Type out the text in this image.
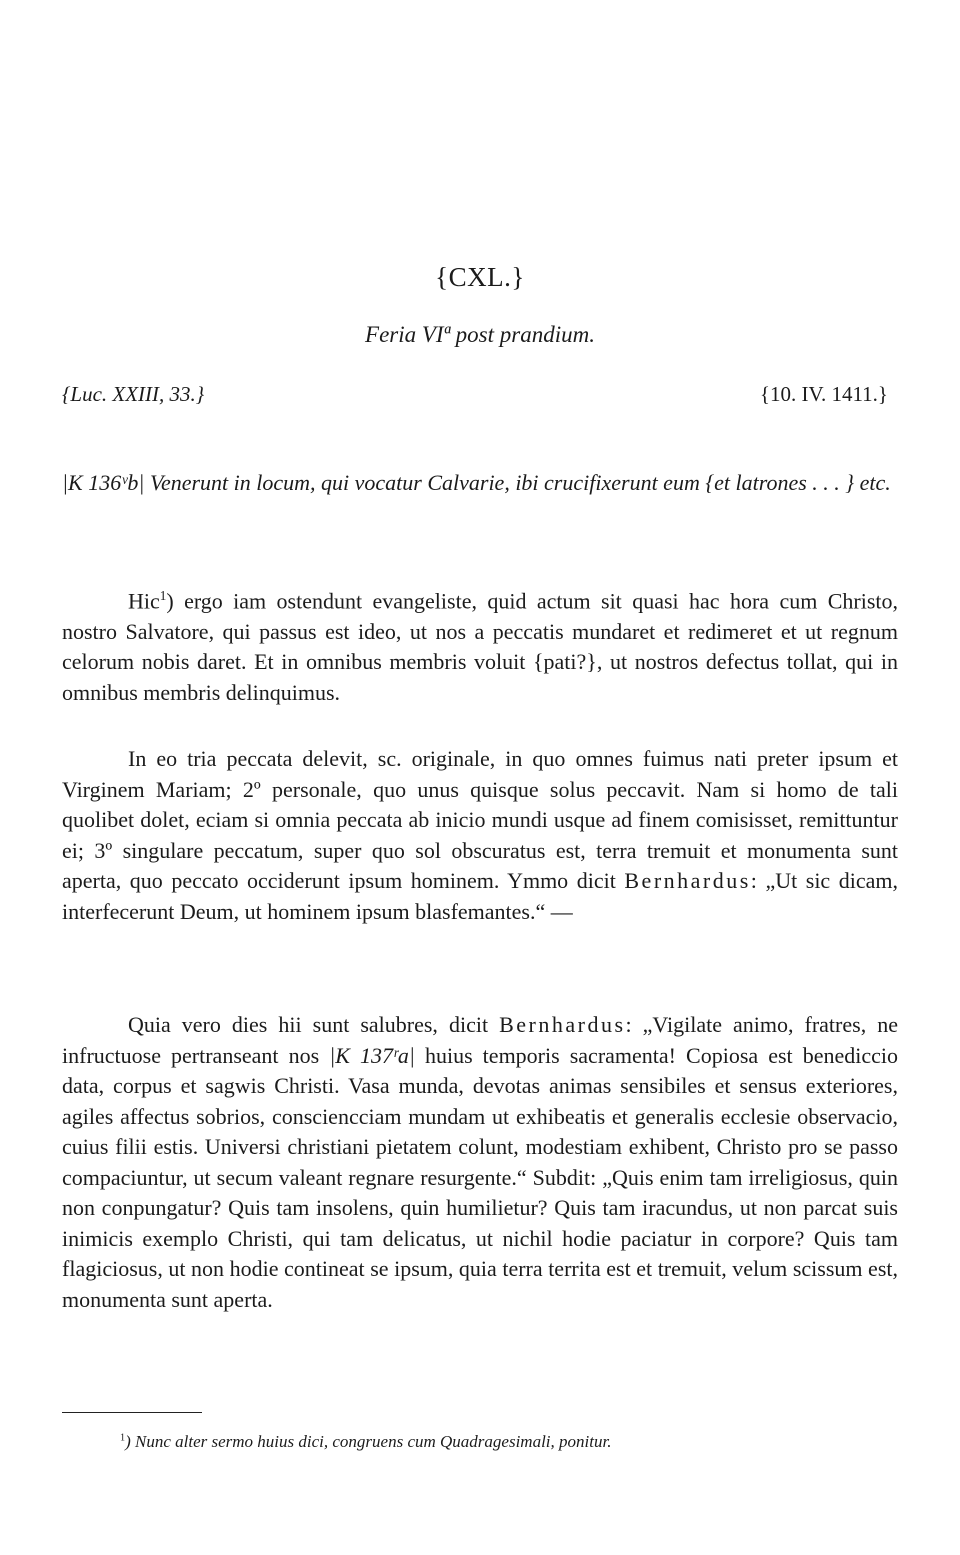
{CXL.}
Feria VIª post prandium.
{Luc. XXIII, 33.}	{10. IV. 1411.}
|K 136ᵛb| Venerunt in locum, qui vocatur Calvarie, ibi crucifixerunt eum {et latrones . . . } etc.

Hic$^1$) ergo iam ostendunt evangeliste, quid actum sit quasi hac hora cum Christo, nostro Salvatore, qui passus est ideo, ut nos a peccatis mundaret et redimeret et ut regnum celorum nobis daret. Et in omnibus membris voluit {pati?}, ut nostros defectus tollat, qui in omnibus membris delinquimus.

In eo tria peccata delevit, sc. originale, in quo omnes fuimus nati preter ipsum et Virginem Mariam; 2º personale, quo unus quisque solus peccavit. Nam si homo de tali quolibet dolet, eciam si omnia peccata ab inicio mundi usque ad finem comisisset, remittuntur ei; 3º singulare peccatum, super quo sol obscuratus est, terra tremuit et monumenta sunt aperta, quo peccato occiderunt ipsum hominem. Ymmo dicit Bernhardus: „Ut sic dicam, interfecerunt Deum, ut hominem ipsum blasfemantes.“ —

Quia vero dies hii sunt salubres, dicit Bernhardus: „Vigilate animo, fratres, ne infructuose pertranseant nos |K 137ʳa| huius temporis sacramenta! Copiosa est benediccio data, corpus et sagwis Christi. Vasa munda, devotas animas sensibiles et sensus exteriores, agiles affectus sobrios, consciencciam mundam ut exhibeatis et generalis ecclesie observacio, cuius filii estis. Universi christiani pietatem colunt, modestiam exhibent, Christo pro se passo compaciuntur, ut secum valeant regnare resurgente.“ Subdit: „Quis enim tam irreligiosus, quin non conpungatur? Quis tam insolens, quin humilietur? Quis tam iracundus, ut non parcat suis inimicis exemplo Christi, qui tam delicatus, ut nichil hodie paciatur in corpore? Quis tam flagiciosus, ut non hodie contineat se ipsum, quia terra territa est et tremuit, velum scissum est, monumenta sunt aperta.

$^1$) Nunc alter sermo huius dici, congruens cum Quadragesimali, ponitur.
